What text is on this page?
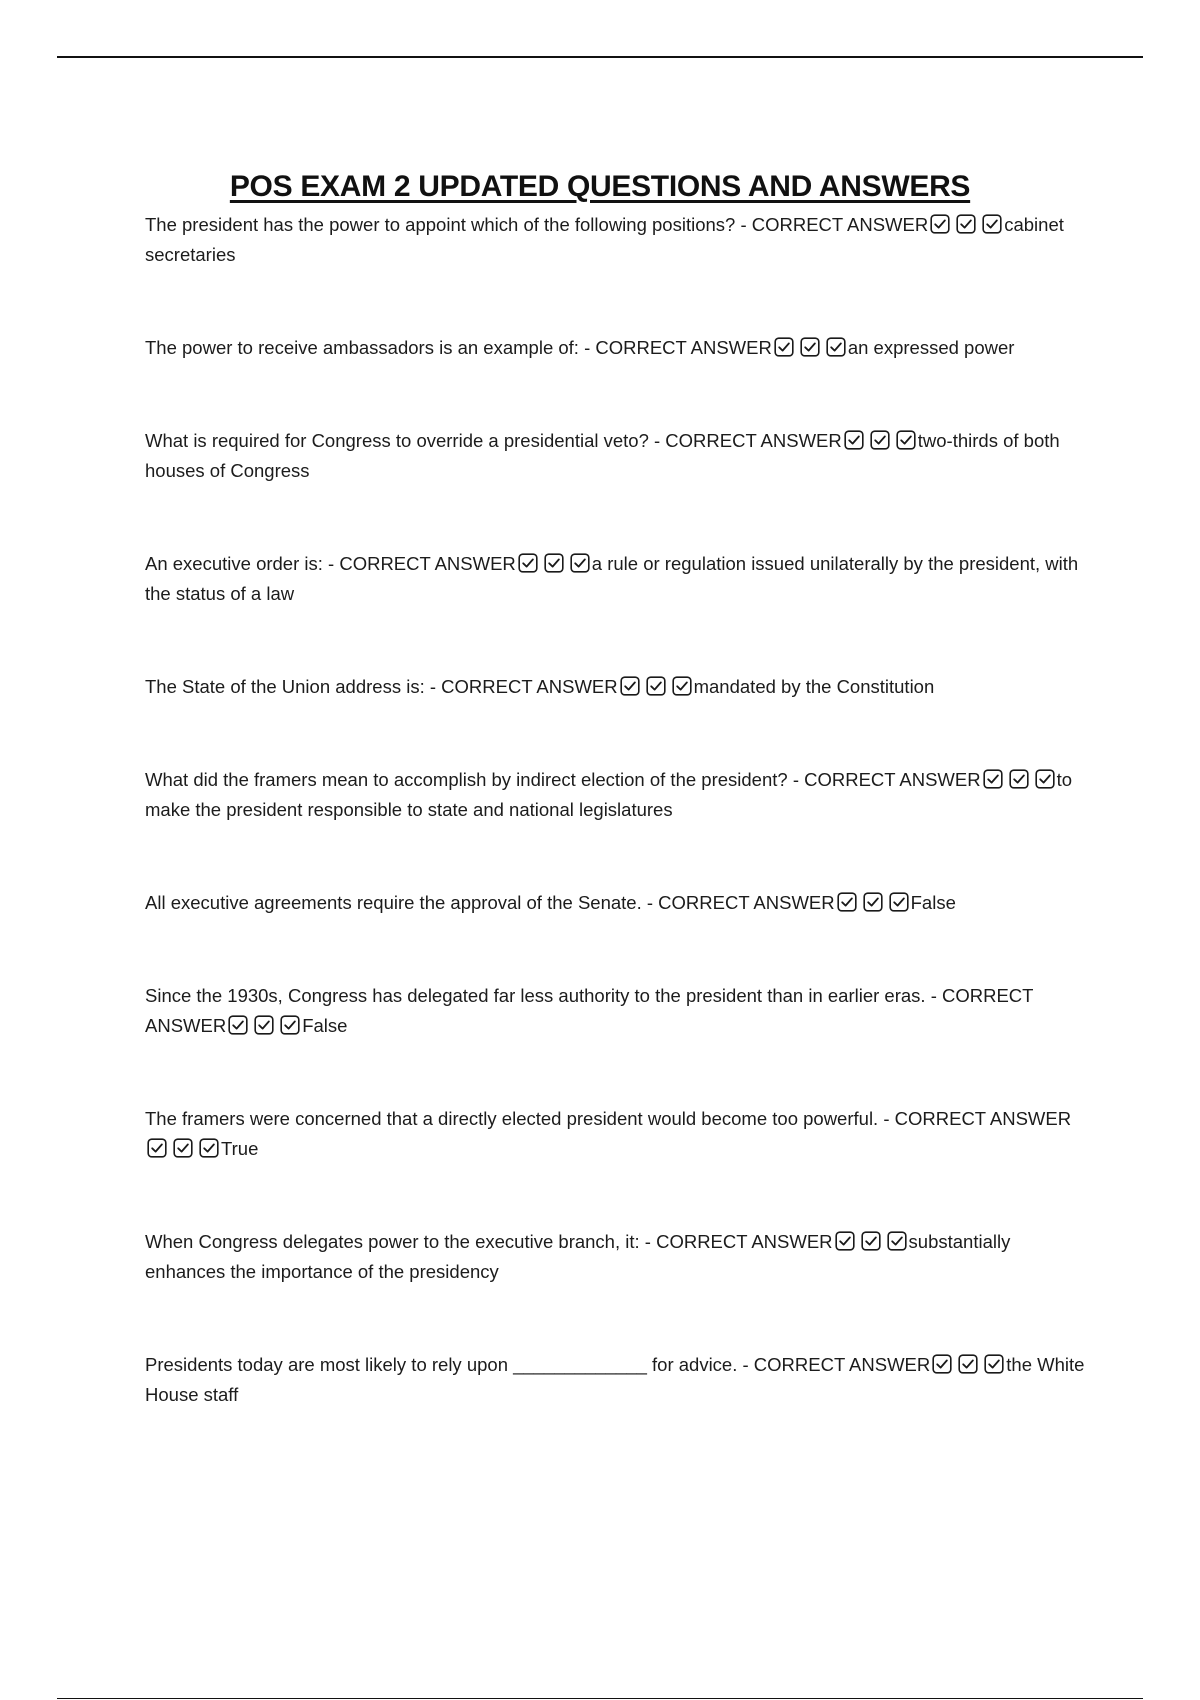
POS EXAM 2 UPDATED QUESTIONS AND ANSWERS

The president has the power to appoint which of the following positions? - CORRECT ANSWER	cabinet secretaries

The power to receive ambassadors is an example of: - CORRECT ANSWER	an expressed power

What is required for Congress to override a presidential veto? - CORRECT ANSWER	two-thirds of both houses of Congress

An executive order is: - CORRECT ANSWER	a rule or regulation issued unilaterally by the president, with the status of a law

The State of the Union address is: - CORRECT ANSWER	mandated by the Constitution

What did the framers mean to accomplish by indirect election of the president? - CORRECT ANSWER	to make the president responsible to state and national legislatures

All executive agreements require the approval of the Senate. - CORRECT ANSWER	False

Since the 1930s, Congress has delegated far less authority to the president than in earlier eras. - CORRECT ANSWER	False

The framers were concerned that a directly elected president would become too powerful. - CORRECT ANSWER
True

When Congress delegates power to the executive branch, it: - CORRECT ANSWER	substantially enhances the importance of the presidency

Presidents today are most likely to rely upon _____________ for advice. - CORRECT ANSWER	the White House staff
